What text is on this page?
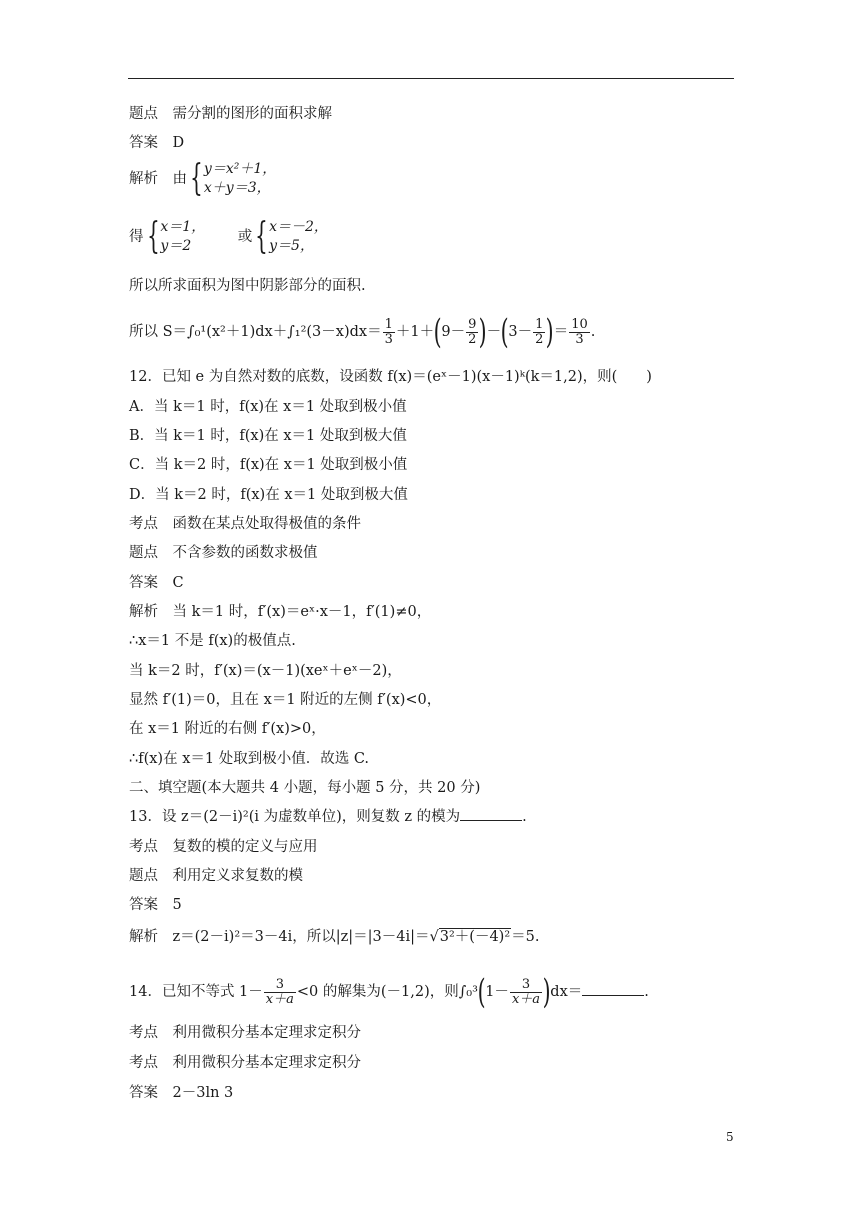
题点　需分割的图形的面积求解
答案　D
解析　由{y＝x²＋1，
x＋y＝3，
得{x＝1，
y＝2　或{x＝－2，
y＝5，
所以所求面积为图中阴影部分的面积.
所以 $S=\int_0^1(x^2+1)dx+\int_1^2(3-x)dx= \frac{1}{3} +1+(9- \frac{9}{2} )-(3- \frac{1}{2}$ )＝ $\frac{10}{3}$ .
12．已知 e 为自然对数的底数，设函数 f(x)＝(eˣ－1)(x－1)ᵏ(k＝1,2)，则(　　)
A．当 k＝1 时，f(x)在 x＝1 处取到极小值
B．当 k＝1 时，f(x)在 x＝1 处取到极大值
C．当 k＝2 时，f(x)在 x＝1 处取到极小值
D．当 k＝2 时，f(x)在 x＝1 处取到极大值
考点　函数在某点处取得极值的条件
题点　不含参数的函数求极值
答案　C
解析　当 k＝1 时，f′(x)＝eˣ·x－1，f′(1)≠0，
∴x＝1 不是 f(x)的极值点.
当 k＝2 时，f′(x)＝(x－1)(xeˣ＋eˣ－2)，
显然 f′(1)＝0，且在 x＝1 附近的左侧 f′(x)<0，
在 x＝1 附近的右侧 f′(x)>0，
∴f(x)在 x＝1 处取到极小值．故选 C.
二、填空题(本大题共 4 小题，每小题 5 分，共 20 分)
13．设 z＝(2－i)²(i 为虚数单位)，则复数 z 的模为	.
考点　复数的模的定义与应用
题点　利用定义求复数的模
答案　5
解析　z＝(2－i)²＝3－4i，所以|z|＝|3－4i|＝√3²＋(－4)²＝5.
14．已知不等式 $1- \frac{3}{x+a} <0$ 的解集为(－1,2)，则$\int_0^3(1- \frac{3}{x+a} )dx=$	.
考点　利用微积分基本定理求定积分
考点　利用微积分基本定理求定积分
答案　2－3ln 3
5
